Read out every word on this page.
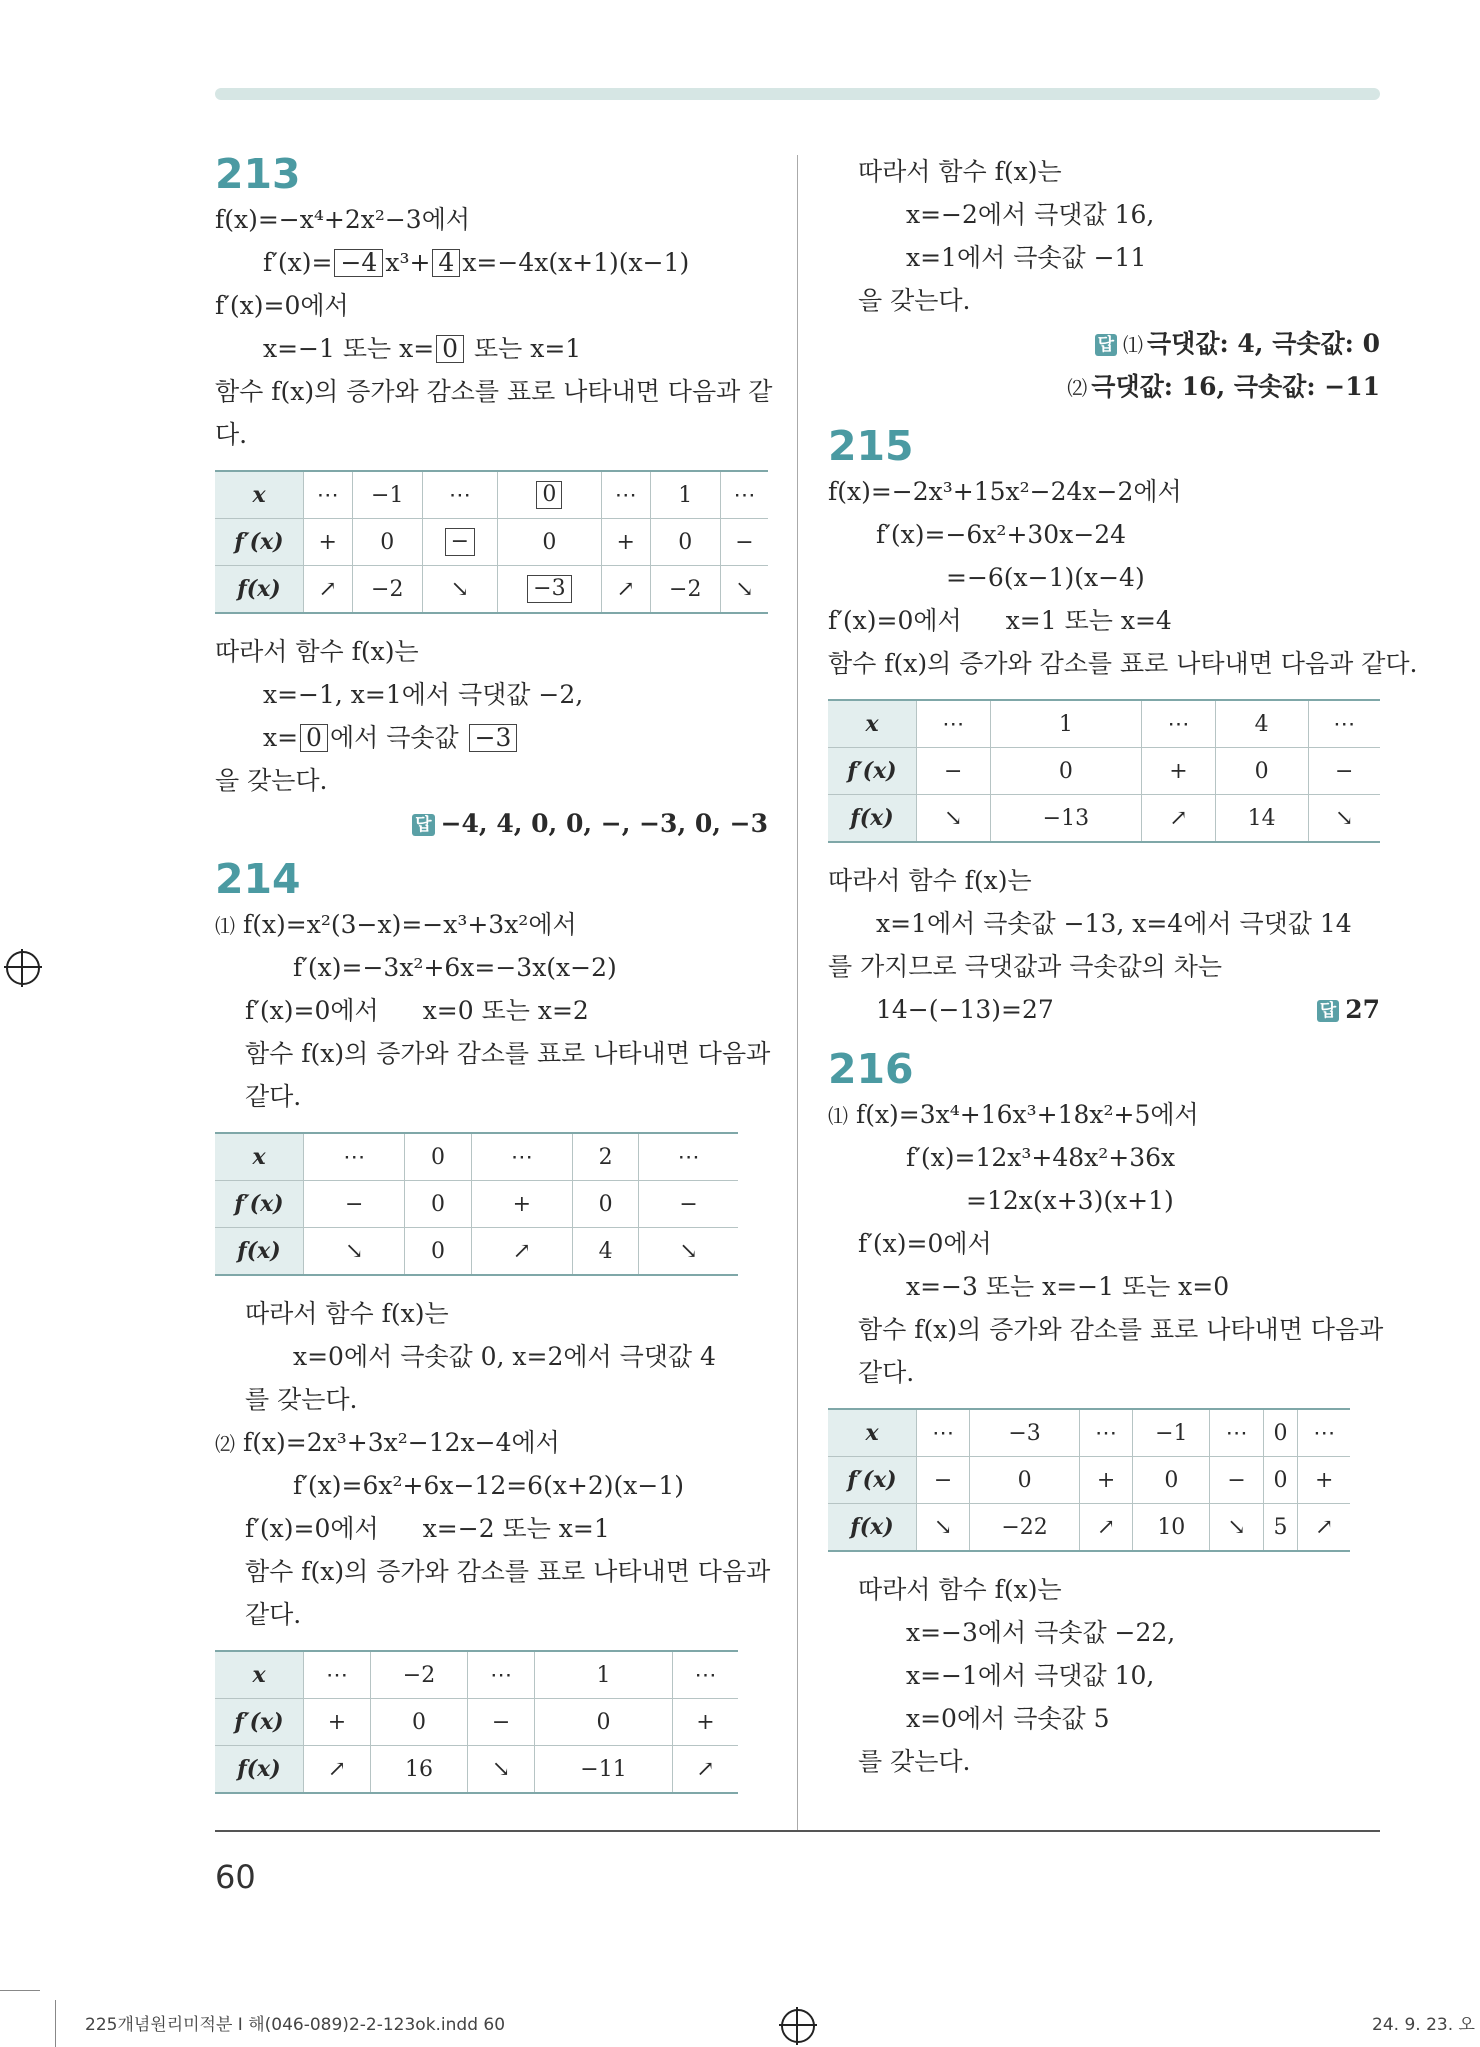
213
f(x)=−x⁴+2x²−3에서
f′(x)= −4 x³+ 4 x=−4x(x+1)(x−1)
f′(x)=0에서
x=−1 또는 x= 0 또는 x=1
함수 f(x)의 증가와 감소를 표로 나타내면 다음과 같
다.
x	⋯	−1	⋯	0	⋯	1	⋯
f′(x)	+	0	−	0	+	0	−
f(x)	↗	−2	↘	−3	↗	−2	↘
따라서 함수 f(x)는
x=−1, x=1에서 극댓값 −2,
x= 0 에서 극솟값 −3
을 갖는다.
답 −4, 4, 0, 0, −, −3, 0, −3
214
⑴ f(x)=x²(3−x)=−x³+3x²에서
f′(x)=−3x²+6x=−3x(x−2)
f′(x)=0에서 x=0 또는 x=2
함수 f(x)의 증가와 감소를 표로 나타내면 다음과
같다.
x	⋯	0	⋯	2	⋯
f′(x)	−	0	+	0	−
f(x)	↘	0	↗	4	↘
따라서 함수 f(x)는
x=0에서 극솟값 0, x=2에서 극댓값 4
를 갖는다.
⑵ f(x)=2x³+3x²−12x−4에서
f′(x)=6x²+6x−12=6(x+2)(x−1)
f′(x)=0에서 x=−2 또는 x=1
함수 f(x)의 증가와 감소를 표로 나타내면 다음과
같다.
x	⋯	−2	⋯	1	⋯
f′(x)	+	0	−	0	+
f(x)	↗	16	↘	−11	↗
따라서 함수 f(x)는
x=−2에서 극댓값 16,
x=1에서 극솟값 −11
을 갖는다.
답 ⑴ 극댓값: 4, 극솟값: 0
⑵ 극댓값: 16, 극솟값: −11
215
f(x)=−2x³+15x²−24x−2에서
f′(x)=−6x²+30x−24
=−6(x−1)(x−4)
f′(x)=0에서 x=1 또는 x=4
함수 f(x)의 증가와 감소를 표로 나타내면 다음과 같다.
x	⋯	1	⋯	4	⋯
f′(x)	−	0	+	0	−
f(x)	↘	−13	↗	14	↘
따라서 함수 f(x)는
x=1에서 극솟값 −13, x=4에서 극댓값 14
를 가지므로 극댓값과 극솟값의 차는
14−(−13)=27	답 27
216
⑴ f(x)=3x⁴+16x³+18x²+5에서
f′(x)=12x³+48x²+36x
=12x(x+3)(x+1)
f′(x)=0에서
x=−3 또는 x=−1 또는 x=0
함수 f(x)의 증가와 감소를 표로 나타내면 다음과
같다.
x	⋯	−3	⋯	−1	⋯	0	⋯
f′(x)	−	0	+	0	−	0	+
f(x)	↘	−22	↗	10	↘	5	↗
따라서 함수 f(x)는
x=−3에서 극솟값 −22,
x=−1에서 극댓값 10,
x=0에서 극솟값 5
를 갖는다.
60
225개념원리미적분 Ⅰ 해(046-089)2-2-123ok.indd 60	24. 9. 23. 오
